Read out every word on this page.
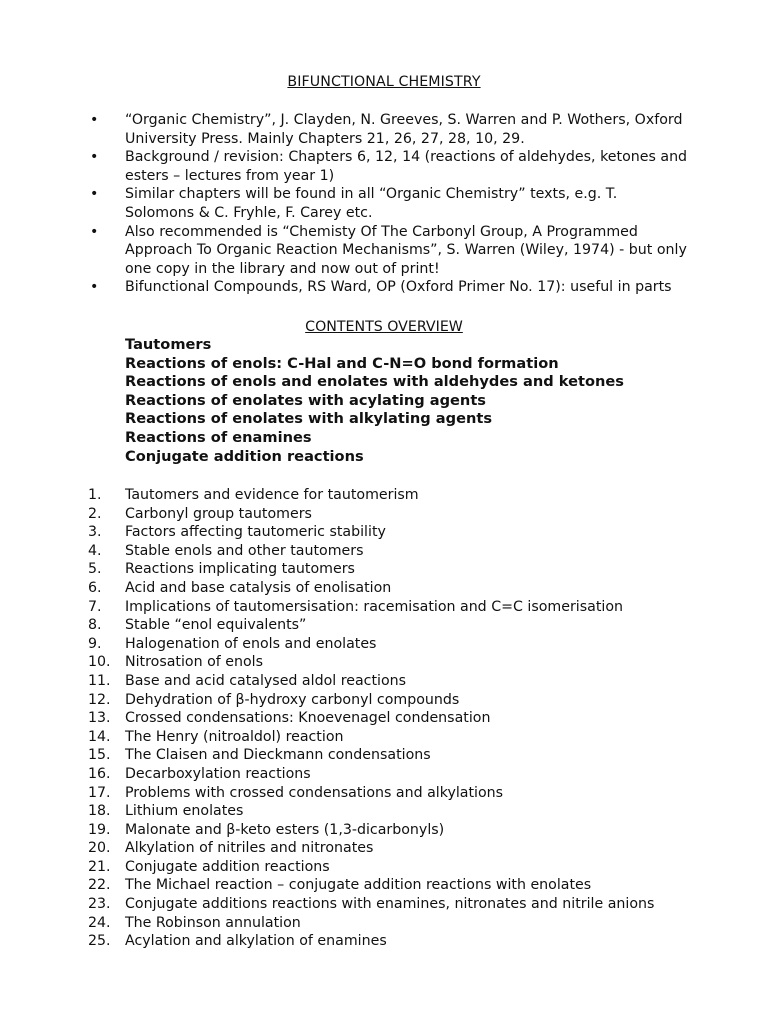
BIFUNCTIONAL CHEMISTRY
• “Organic Chemistry”, J. Clayden, N. Greeves, S. Warren and P. Wothers, Oxford University Press. Mainly Chapters 21, 26, 27, 28, 10, 29.
• Background / revision: Chapters 6, 12, 14 (reactions of aldehydes, ketones and esters – lectures from year 1)
• Similar chapters will be found in all “Organic Chemistry” texts, e.g. T. Solomons & C. Fryhle, F. Carey etc.
• Also recommended is “Chemisty Of The Carbonyl Group, A Programmed Approach To Organic Reaction Mechanisms”, S. Warren (Wiley, 1974) - but only one copy in the library and now out of print!
• Bifunctional Compounds, RS Ward, OP (Oxford Primer No. 17): useful in parts
CONTENTS OVERVIEW
Tautomers
Reactions of enols: C-Hal and C-N=O bond formation
Reactions of enols and enolates with aldehydes and ketones
Reactions of enolates with acylating agents
Reactions of enolates with alkylating agents
Reactions of enamines
Conjugate addition reactions
1. Tautomers and evidence for tautomerism
2. Carbonyl group tautomers
3. Factors affecting tautomeric stability
4. Stable enols and other tautomers
5. Reactions implicating tautomers
6. Acid and base catalysis of enolisation
7. Implications of tautomersisation: racemisation and C=C isomerisation
8. Stable “enol equivalents”
9. Halogenation of enols and enolates
10. Nitrosation of enols
11. Base and acid catalysed aldol reactions
12. Dehydration of β-hydroxy carbonyl compounds
13. Crossed condensations: Knoevenagel condensation
14. The Henry (nitroaldol) reaction
15. The Claisen and Dieckmann condensations
16. Decarboxylation reactions
17. Problems with crossed condensations and alkylations
18. Lithium enolates
19. Malonate and β-keto esters (1,3-dicarbonyls)
20. Alkylation of nitriles and nitronates
21. Conjugate addition reactions
22. The Michael reaction – conjugate addition reactions with enolates
23. Conjugate additions reactions with enamines, nitronates and nitrile anions
24. The Robinson annulation
25. Acylation and alkylation of enamines
